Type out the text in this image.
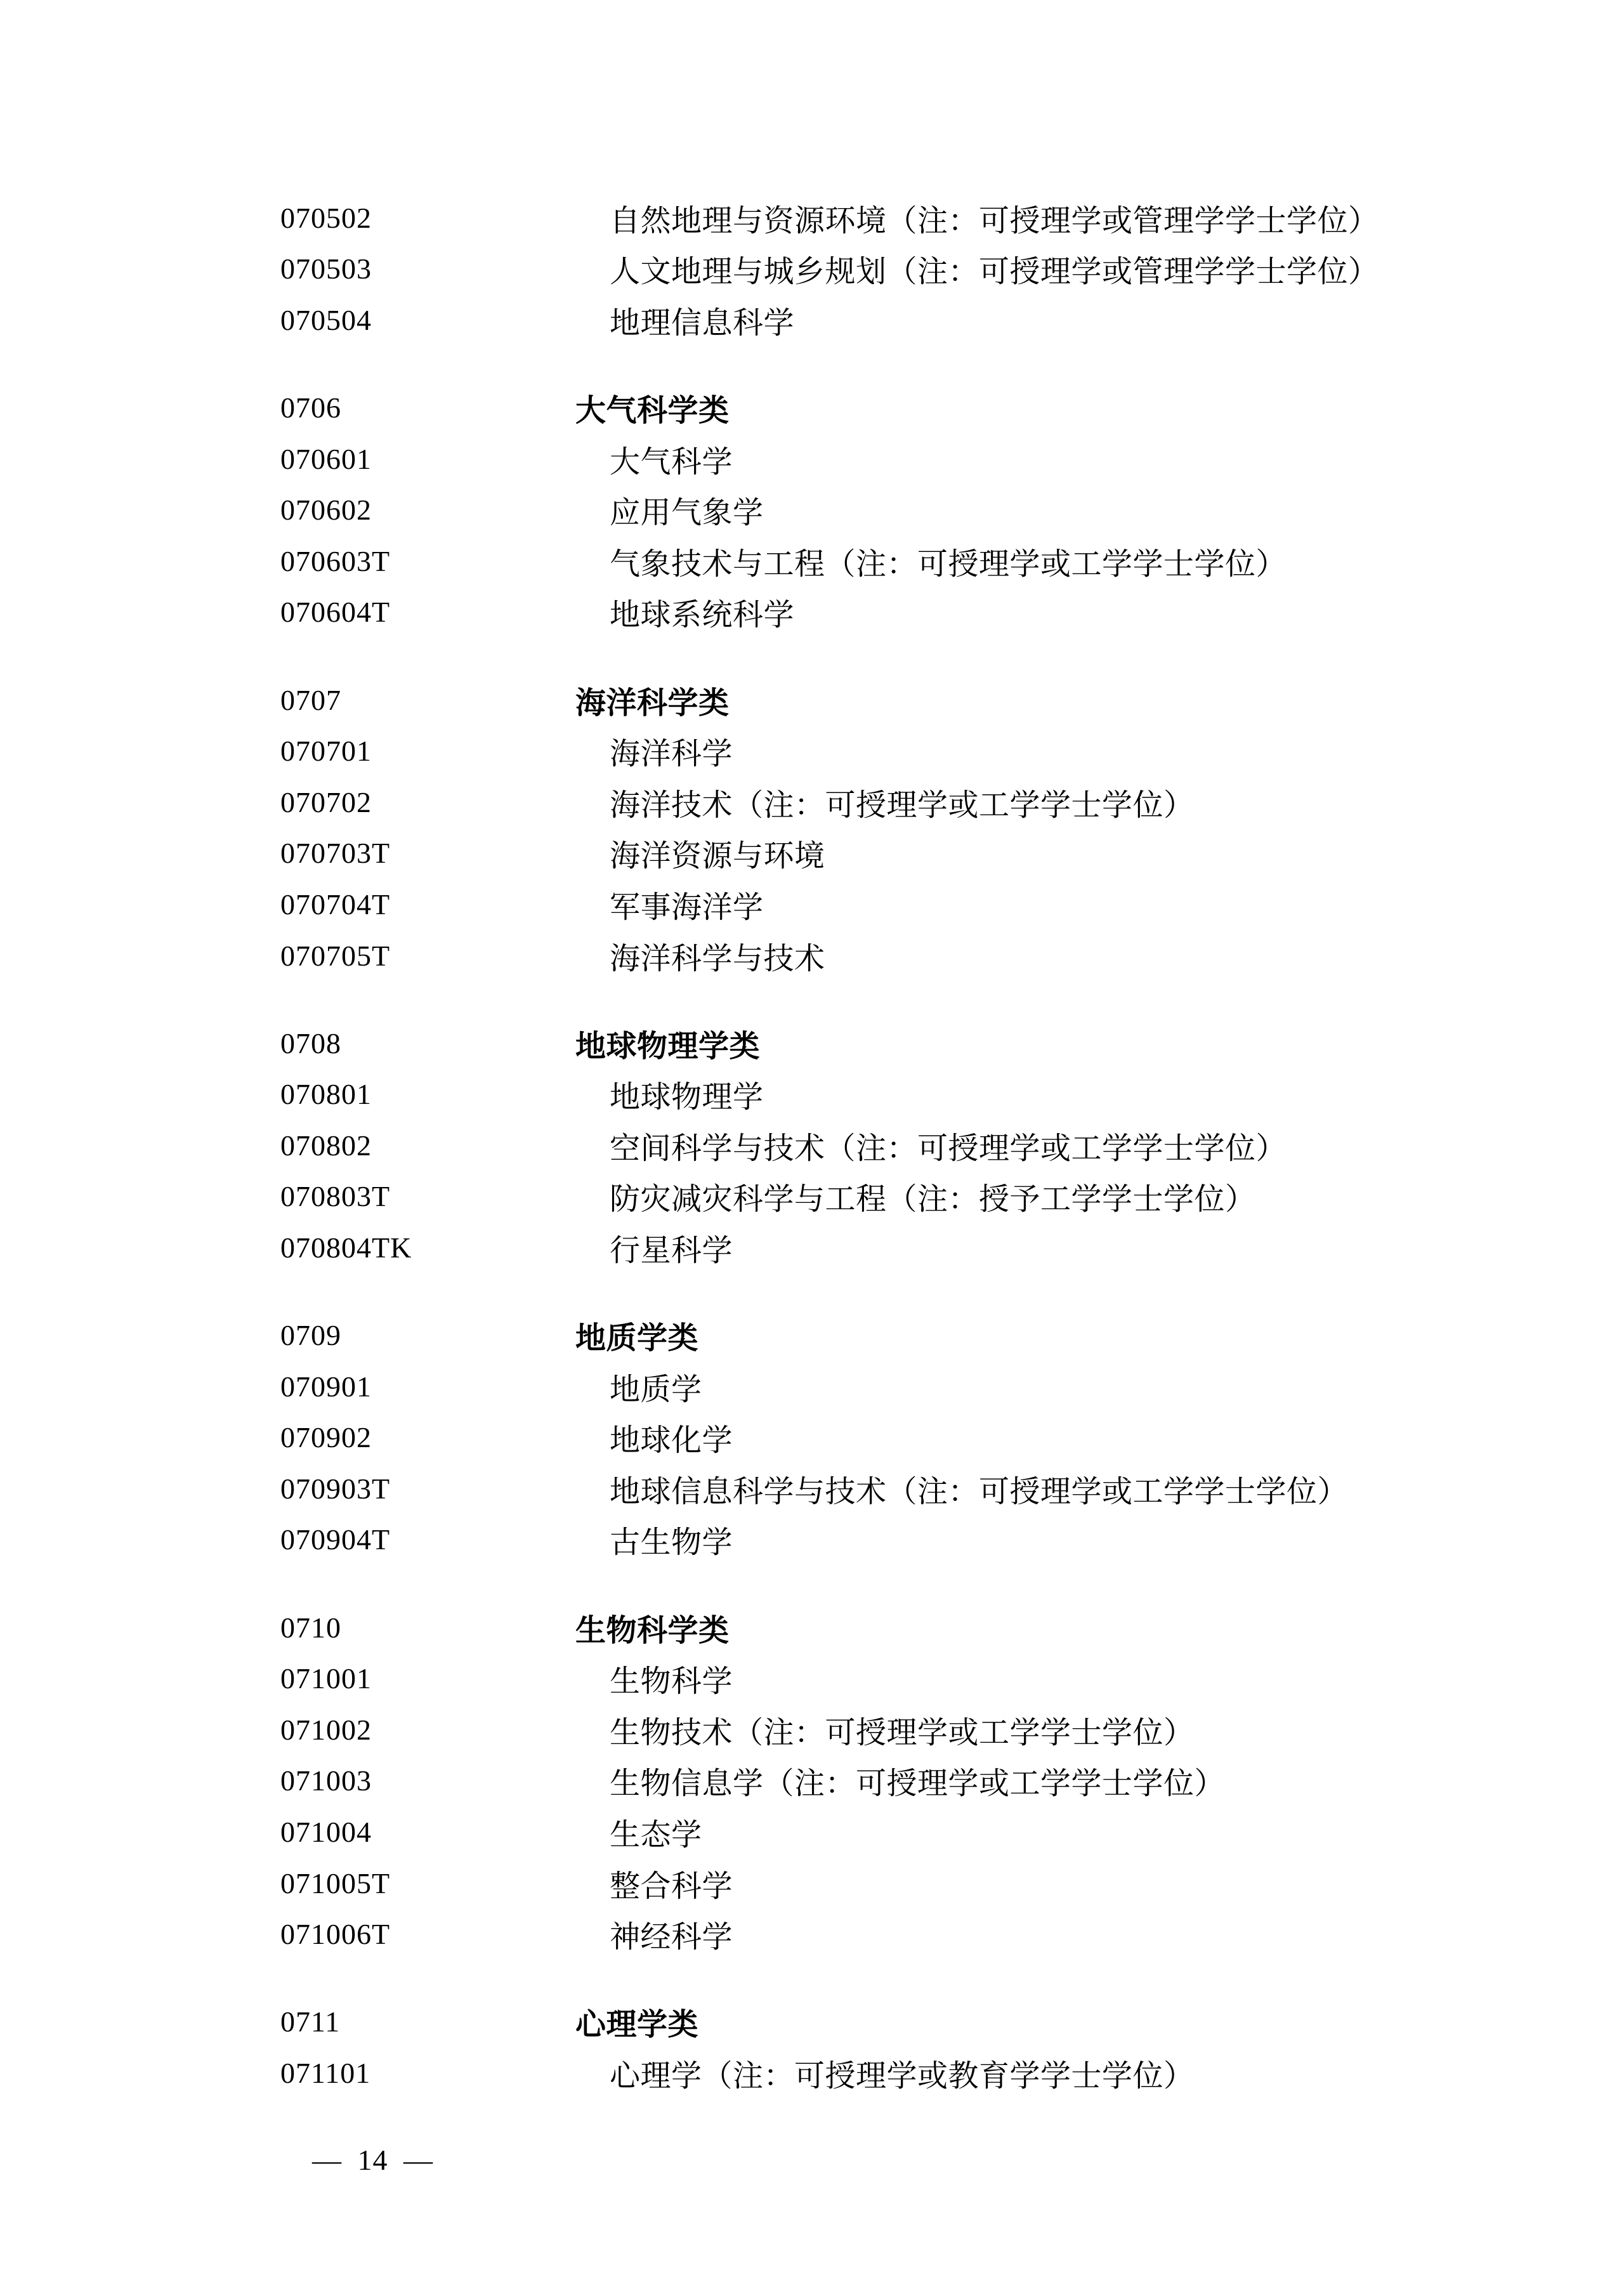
070502	自然地理与资源环境 （注：可授理学或管理学学士学位）
070503	人文地理与城乡规划 （注：可授理学或管理学学士学位）
070504	地理信息科学
0706	大气科学类
070601	大气科学
070602	应用气象学
070603T	气象技术与工程 （注：可授理学或工学学士学位）
070604T	地球系统科学
0707	海洋科学类
070701	海洋科学
070702	海洋技术 （注：可授理学或工学学士学位）
070703T	海洋资源与环境
070704T	军事海洋学
070705T	海洋科学与技术
0708	地球物理学类
070801	地球物理学
070802	空间科学与技术 （注：可授理学或工学学士学位）
070803T	防灾减灾科学与工程 （注：授予工学学士学位）
070804TK	行星科学
0709	地质学类
070901	地质学
070902	地球化学
070903T	地球信息科学与技术 （注：可授理学或工学学士学位）
070904T	古生物学
0710	生物科学类
071001	生物科学
071002	生物技术 （注：可授理学或工学学士学位）
071003	生物信息学 （注：可授理学或工学学士学位）
071004	生态学
071005T	整合科学
071006T	神经科学
0711	心理学类
071101	心理学 （注：可授理学或教育学学士学位）
— 14 —
